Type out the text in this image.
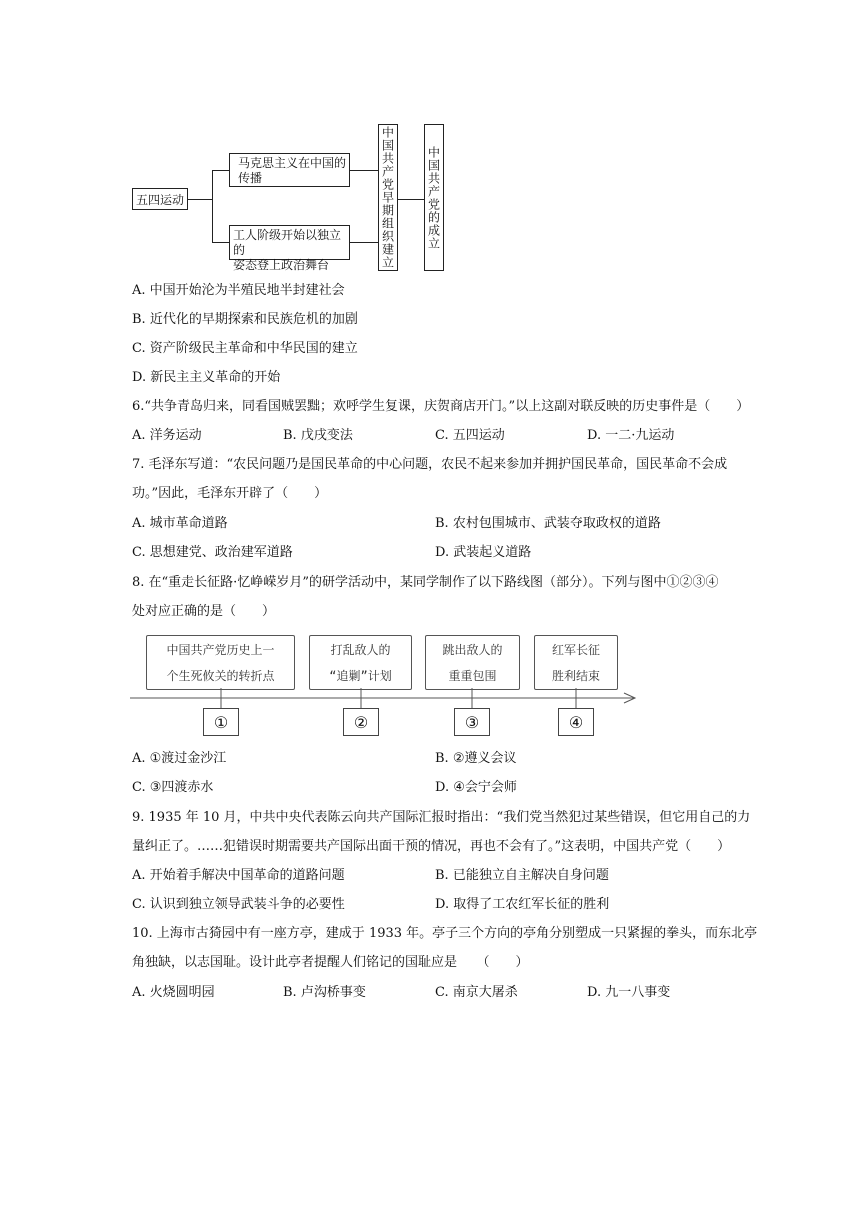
五四运动
马克思主义在中国的
传播
工人阶级开始以独立的
姿态登上政治舞台	中国共产党早期组织建立	中国共产党的成立
A. 中国开始沦为半殖民地半封建社会
B. 近代化的早期探索和民族危机的加剧
C. 资产阶级民主革命和中华民国的建立
D. 新民主主义革命的开始
6.“共争青岛归来，同看国贼罢黜；欢呼学生复课，庆贺商店开门。”以上这副对联反映的历史事件是（　　）
A. 洋务运动	B. 戊戌变法	C. 五四运动	D. 一二·九运动
7. 毛泽东写道：“农民问题乃是国民革命的中心问题，农民不起来参加并拥护国民革命，国民革命不会成
功。”因此，毛泽东开辟了（　　）
A. 城市革命道路	B. 农村包围城市、武装夺取政权的道路
C. 思想建党、政治建军道路	D. 武装起义道路
8. 在“重走长征路·忆峥嵘岁月”的研学活动中，某同学制作了以下路线图（部分）。下列与图中①②③④
处对应正确的是（　　）
中国共产党历史上一
个生死攸关的转折点
打乱敌人的
“追剿”计划
跳出敌人的
重重包围
红军长征
胜利结束
①	②	③	④
A. ①渡过金沙江	B. ②遵义会议
C. ③四渡赤水	D. ④会宁会师
9. 1935 年 10 月，中共中央代表陈云向共产国际汇报时指出：“我们党当然犯过某些错误，但它用自己的力
量纠正了。……犯错误时期需要共产国际出面干预的情况，再也不会有了。”这表明，中国共产党（　　）
A. 开始着手解决中国革命的道路问题	B. 已能独立自主解决自身问题
C. 认识到独立领导武装斗争的必要性	D. 取得了工农红军长征的胜利
10. 上海市古猗园中有一座方亭，建成于 1933 年。亭子三个方向的亭角分别塑成一只紧握的拳头，而东北亭
角独缺，以志国耻。设计此亭者提醒人们铭记的国耻应是　　（　　）
A. 火烧圆明园	B. 卢沟桥事变	C. 南京大屠杀	D. 九一八事变
